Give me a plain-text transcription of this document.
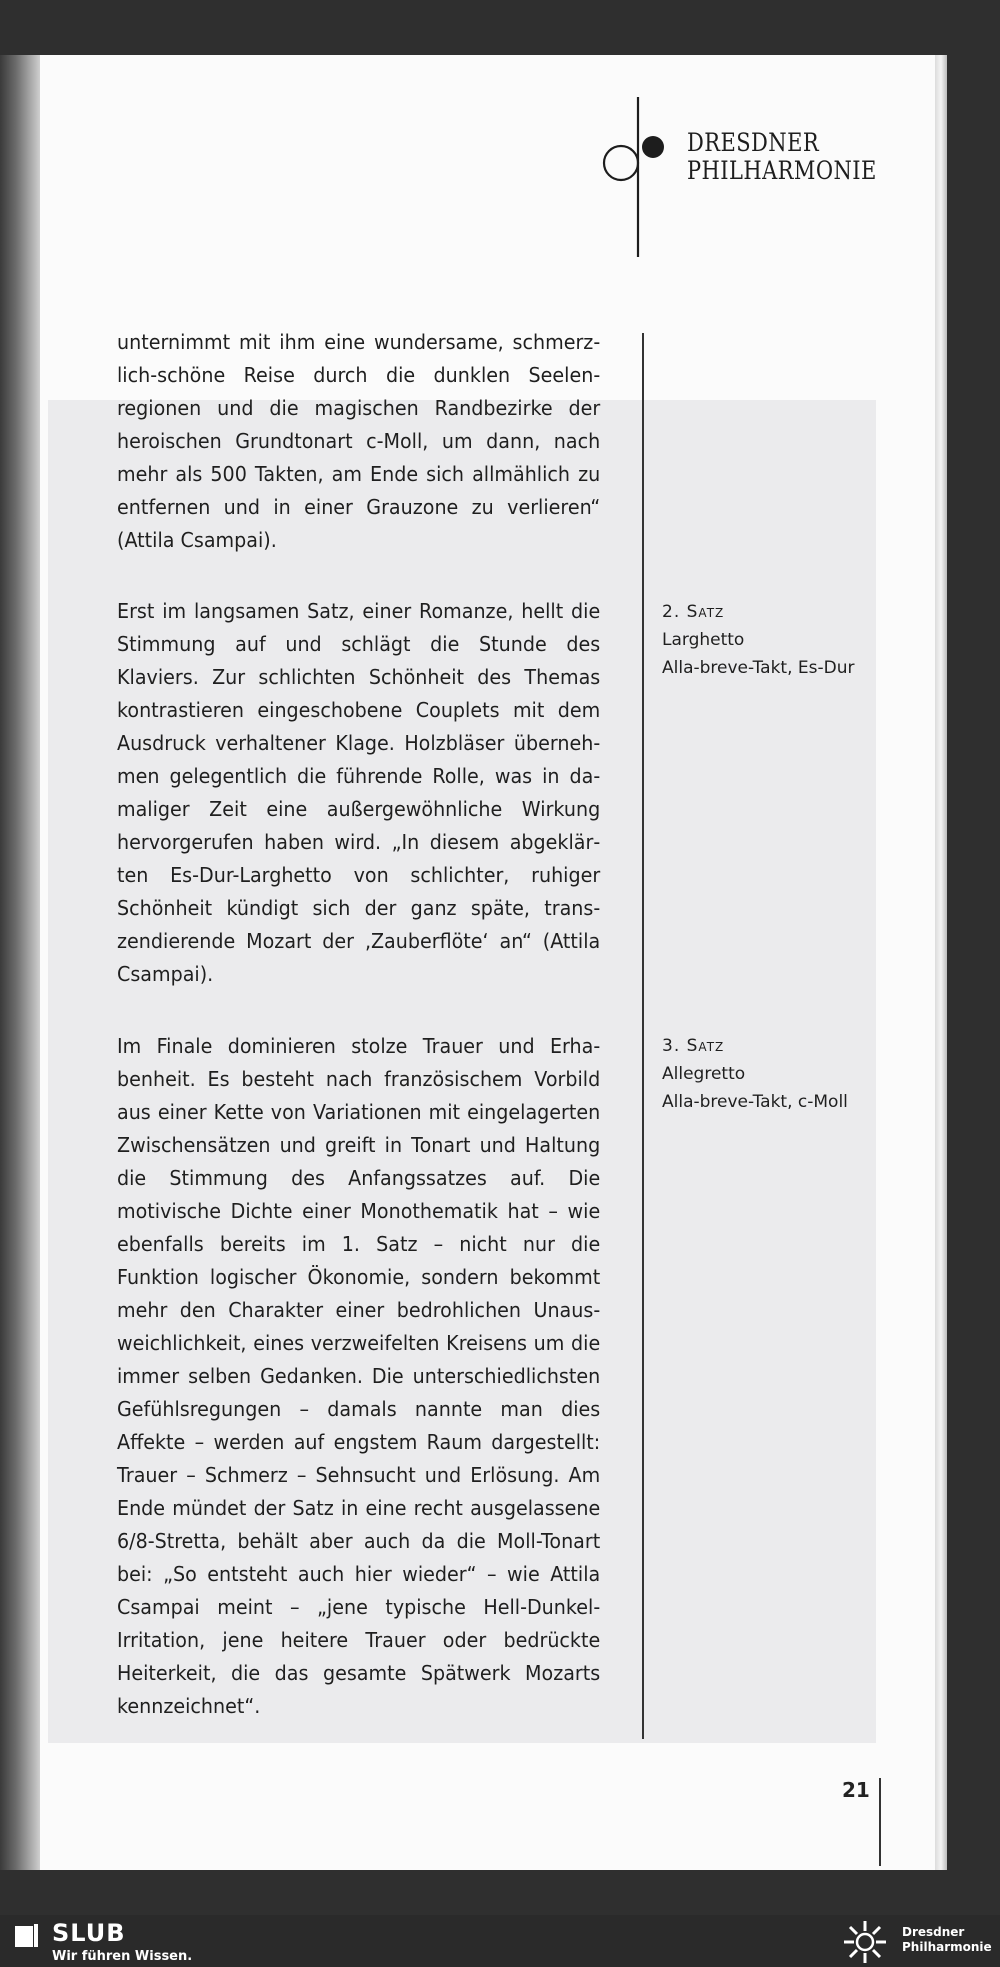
DRESDNER
PHILHARMONIE
unternimmt mit ihm eine wundersame, schmerzlich-schöne Reise durch die dunklen Seelenregionen und die magischen Randbezirke der heroischen Grundtonart c-Moll, um dann, nach mehr als 500 Takten, am Ende sich allmählich zu entfernen und in einer Grauzone zu verlieren“ (Attila Csampai).
Erst im langsamen Satz, einer Romanze, hellt die Stimmung auf und schlägt die Stunde des Klaviers. Zur schlichten Schönheit des Themas kontrastieren eingeschobene Couplets mit dem Ausdruck verhaltener Klage. Holzbläser übernehmen gelegentlich die führende Rolle, was in damaliger Zeit eine außergewöhnliche Wirkung hervorgerufen haben wird. „In diesem abgeklärten Es-Dur-Larghetto von schlichter, ruhiger Schönheit kündigt sich der ganz späte, transzendierende Mozart der ‚Zauberflöte‘ an“ (Attila Csampai).
Im Finale dominieren stolze Trauer und Erhabenheit. Es besteht nach französischem Vorbild aus einer Kette von Variationen mit eingelagerten Zwischensätzen und greift in Tonart und Haltung die Stimmung des Anfangssatzes auf. Die motivische Dichte einer Monothematik hat – wie ebenfalls bereits im 1. Satz – nicht nur die Funktion logischer Ökonomie, sondern bekommt mehr den Charakter einer bedrohlichen Unausweichlichkeit, eines verzweifelten Kreisens um die immer selben Gedanken. Die unterschiedlichsten Gefühlsregungen – damals nannte man dies Affekte – werden auf engstem Raum dargestellt: Trauer – Schmerz – Sehnsucht und Erlösung. Am Ende mündet der Satz in eine recht ausgelassene 6/8-Stretta, behält aber auch da die Moll-Tonart bei: „So entsteht auch hier wieder“ – wie Attila Csampai meint – „jene typische Hell-Dunkel-Irritation, jene heitere Trauer oder bedrückte Heiterkeit, die das gesamte Spätwerk Mozarts kennzeichnet“.
2. Satz
Larghetto
Alla-breve-Takt, Es-Dur
3. Satz
Allegretto
Alla-breve-Takt, c-Moll
21
SLUB
Wir führen Wissen.
Dresdner
Philharmonie
